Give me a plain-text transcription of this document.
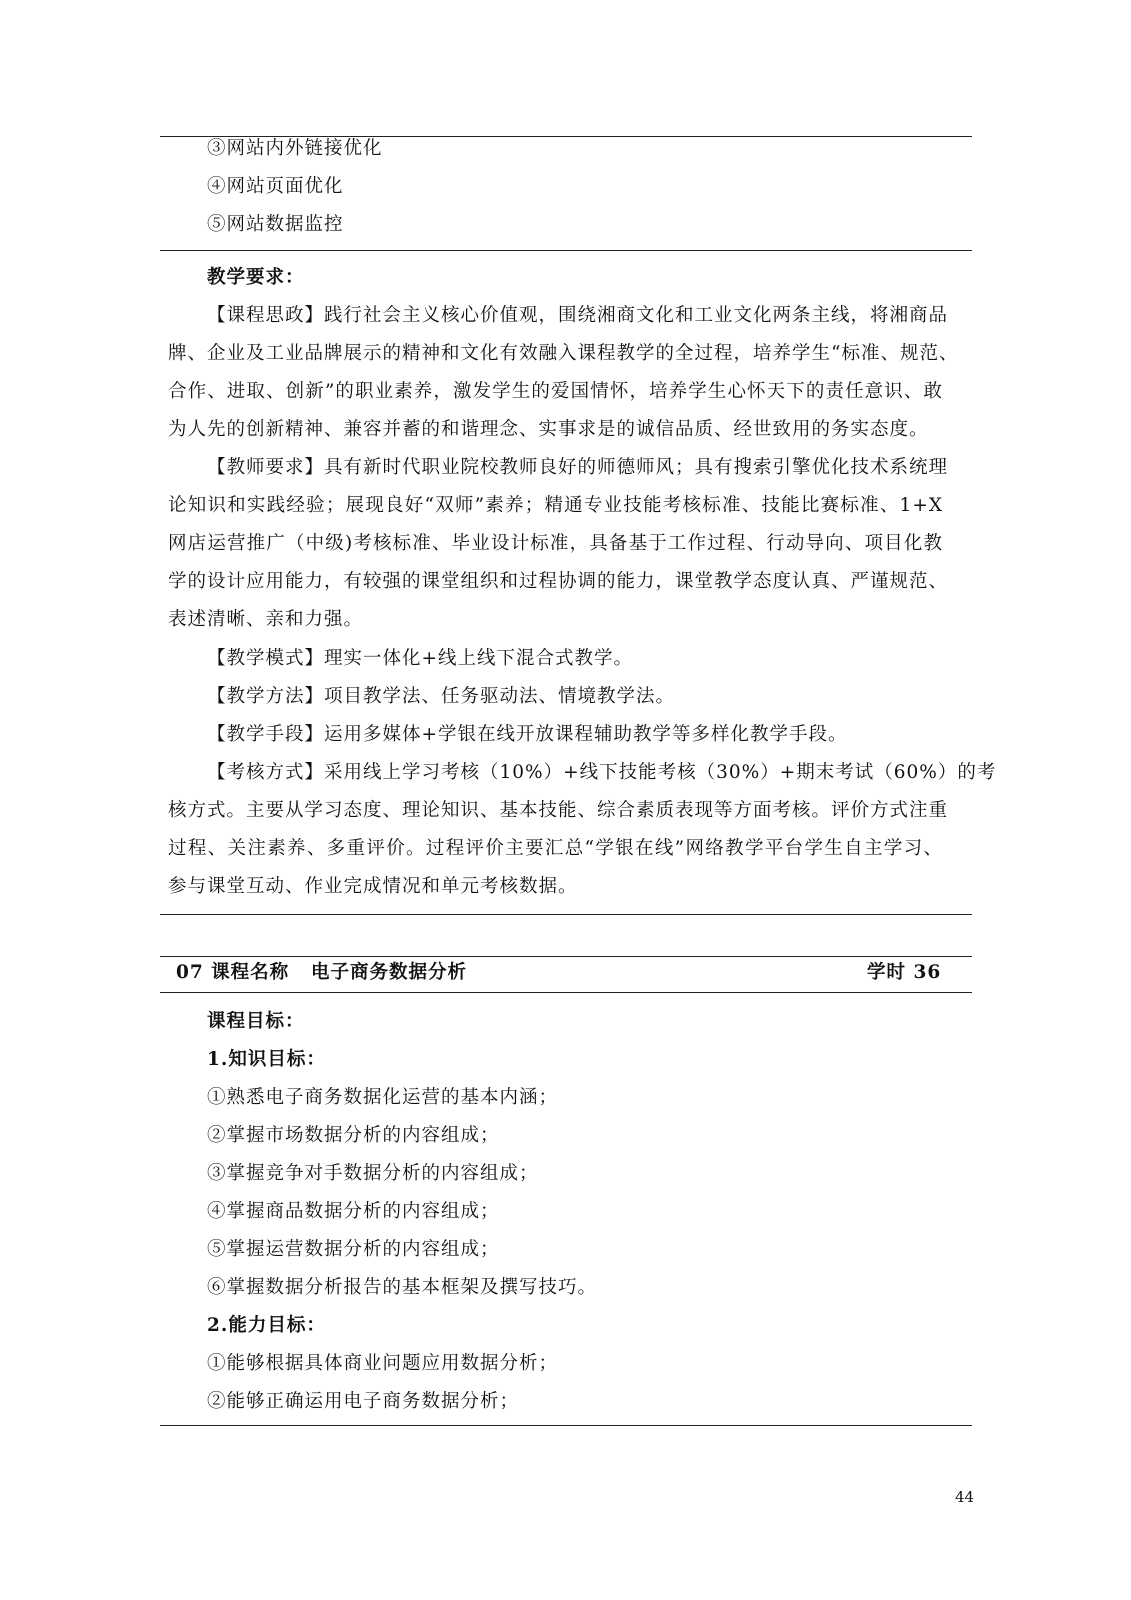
③网站内外链接优化
④网站页面优化
⑤网站数据监控
教学要求：
【课程思政】践行社会主义核心价值观，围绕湘商文化和工业文化两条主线，将湘商品
牌、企业及工业品牌展示的精神和文化有效融入课程教学的全过程，培养学生“标准、规范、
合作、进取、创新”的职业素养，激发学生的爱国情怀，培养学生心怀天下的责任意识、敢
为人先的创新精神、兼容并蓄的和谐理念、实事求是的诚信品质、经世致用的务实态度。
【教师要求】具有新时代职业院校教师良好的师德师风；具有搜索引擎优化技术系统理
论知识和实践经验；展现良好“双师”素养；精通专业技能考核标准、技能比赛标准、1+X
网店运营推广（中级)考核标准、毕业设计标准，具备基于工作过程、行动导向、项目化教
学的设计应用能力，有较强的课堂组织和过程协调的能力，课堂教学态度认真、严谨规范、
表述清晰、亲和力强。
【教学模式】理实一体化+线上线下混合式教学。
【教学方法】项目教学法、任务驱动法、情境教学法。
【教学手段】运用多媒体+学银在线开放课程辅助教学等多样化教学手段。
【考核方式】采用线上学习考核（10%）+线下技能考核（30%）+期末考试（60%）的考
核方式。主要从学习态度、理论知识、基本技能、综合素质表现等方面考核。评价方式注重
过程、关注素养、多重评价。过程评价主要汇总“学银在线”网络教学平台学生自主学习、
参与课堂互动、作业完成情况和单元考核数据。
07 课程名称 电子商务数据分析	学时 36
课程目标：
1.知识目标：
①熟悉电子商务数据化运营的基本内涵；
②掌握市场数据分析的内容组成；
③掌握竞争对手数据分析的内容组成；
④掌握商品数据分析的内容组成；
⑤掌握运营数据分析的内容组成；
⑥掌握数据分析报告的基本框架及撰写技巧。
2.能力目标：
①能够根据具体商业问题应用数据分析；
②能够正确运用电子商务数据分析；
44
